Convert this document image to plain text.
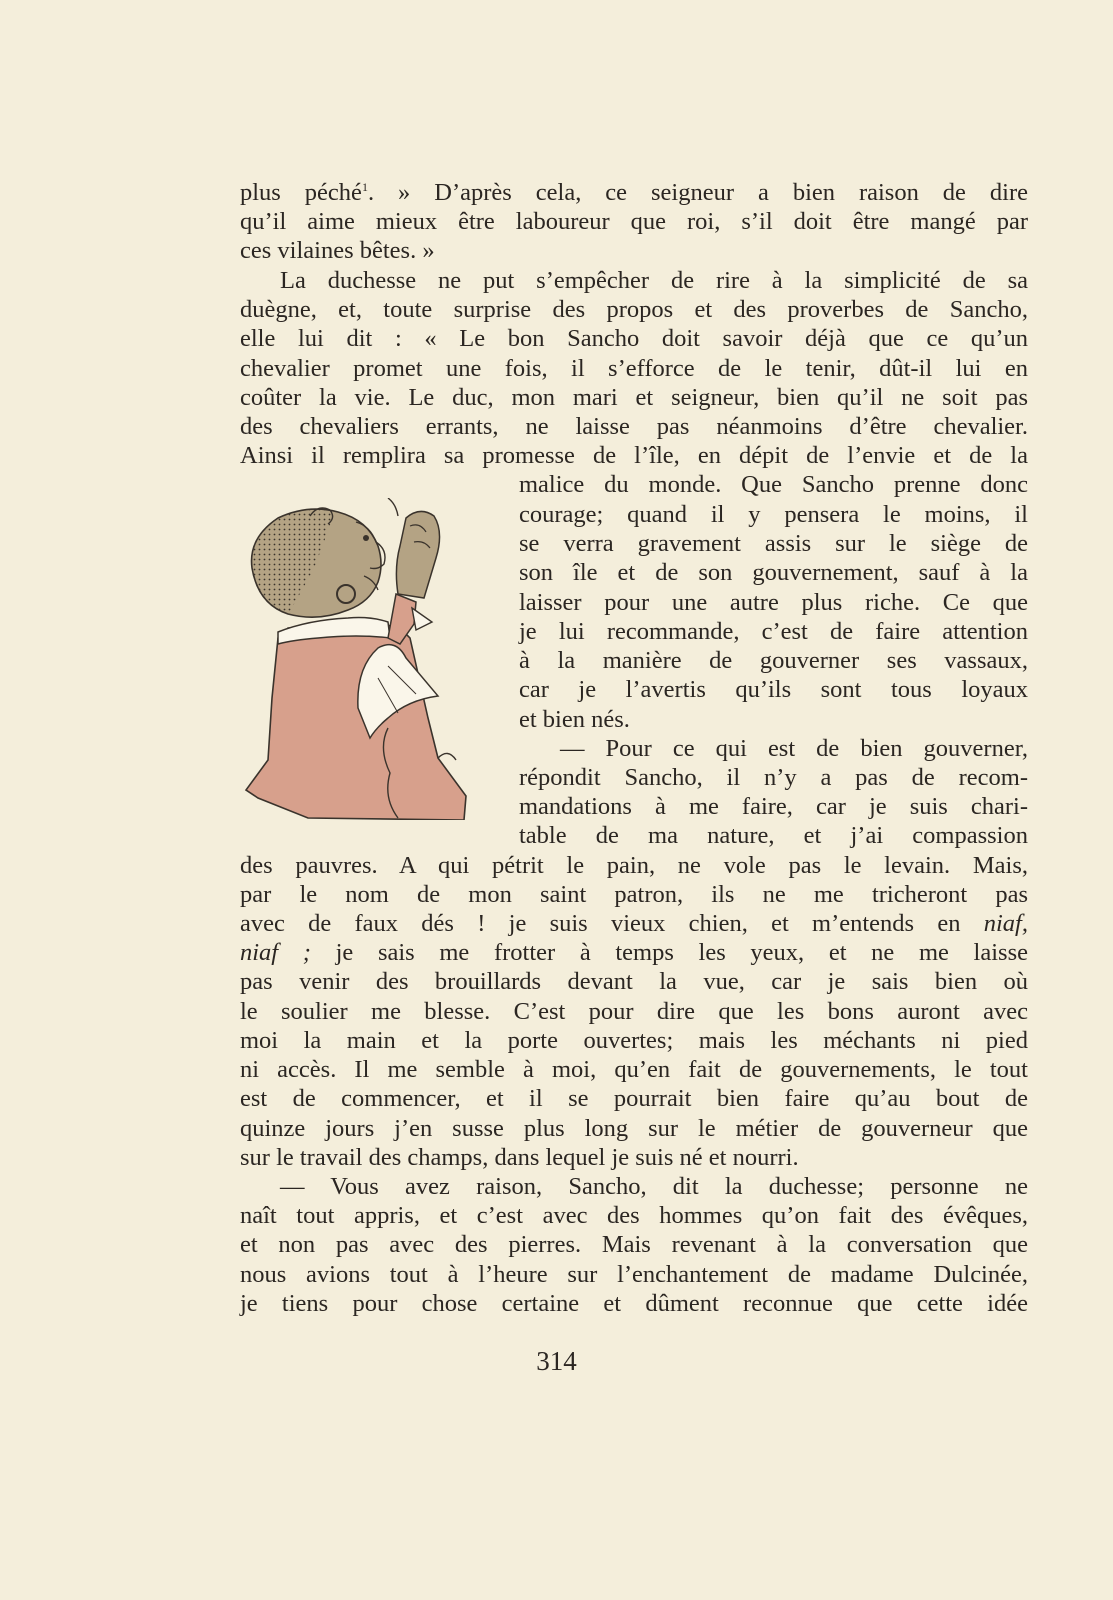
plus péché$^1$. » D’après cela, ce seigneur a bien raison de dire
qu’il aime mieux être laboureur que roi, s’il doit être mangé par
ces vilaines bêtes. »
La duchesse ne put s’empêcher de rire à la simplicité de sa
duègne, et, toute surprise des propos et des proverbes de Sancho,
elle lui dit : « Le bon Sancho doit savoir déjà que ce qu’un
chevalier promet une fois, il s’efforce de le tenir, dût-il lui en
coûter la vie. Le duc, mon mari et seigneur, bien qu’il ne soit pas
des chevaliers errants, ne laisse pas néanmoins d’être chevalier.
Ainsi il remplira sa promesse de l’île, en dépit de l’envie et de la
malice du monde. Que Sancho prenne donc
courage; quand il y pensera le moins, il
se verra gravement assis sur le siège de
son île et de son gouvernement, sauf à la
laisser pour une autre plus riche. Ce que
je lui recommande, c’est de faire attention
à la manière de gouverner ses vassaux,
car je l’avertis qu’ils sont tous loyaux
et bien nés.
— Pour ce qui est de bien gouverner,
répondit Sancho, il n’y a pas de recom-
mandations à me faire, car je suis chari-
table de ma nature, et j’ai compassion
des pauvres. A qui pétrit le pain, ne vole pas le levain. Mais,
par le nom de mon saint patron, ils ne me tricheront pas
avec de faux dés ! je suis vieux chien, et m’entends en niaf,
niaf ; je sais me frotter à temps les yeux, et ne me laisse
pas venir des brouillards devant la vue, car je sais bien où
le soulier me blesse. C’est pour dire que les bons auront avec
moi la main et la porte ouvertes; mais les méchants ni pied
ni accès. Il me semble à moi, qu’en fait de gouvernements, le tout
est de commencer, et il se pourrait bien faire qu’au bout de
quinze jours j’en susse plus long sur le métier de gouverneur que
sur le travail des champs, dans lequel je suis né et nourri.
— Vous avez raison, Sancho, dit la duchesse; personne ne
naît tout appris, et c’est avec des hommes qu’on fait des évêques,
et non pas avec des pierres. Mais revenant à la conversation que
nous avions tout à l’heure sur l’enchantement de madame Dulcinée,
je tiens pour chose certaine et dûment reconnue que cette idée
314
